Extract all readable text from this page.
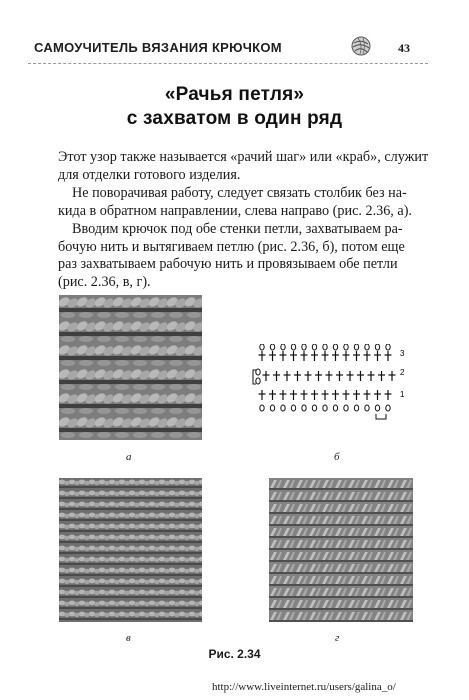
САМОУЧИТЕЛЬ ВЯЗАНИЯ КРЮЧКОМ	43
«Рачья петля»
с захватом в один ряд

Этот узор также называется «рачий шаг» или «краб», служит
для отделки готового изделия.

Не поворачивая работу, следует связать столбик без на-
кида в обратном направлении, слева направо (рис. 2.36, а).

Вводим крючок под обе стенки петли, захватываем ра-
бочую нить и вытягиваем петлю (рис. 2.36, б), потом еще
раз захватываем рабочую нить и провязываем обе петли
(рис. 2.36, в, г).

3
2
1
а	б
в	г
Рис. 2.34
http://www.liveinternet.ru/users/galina_o/
